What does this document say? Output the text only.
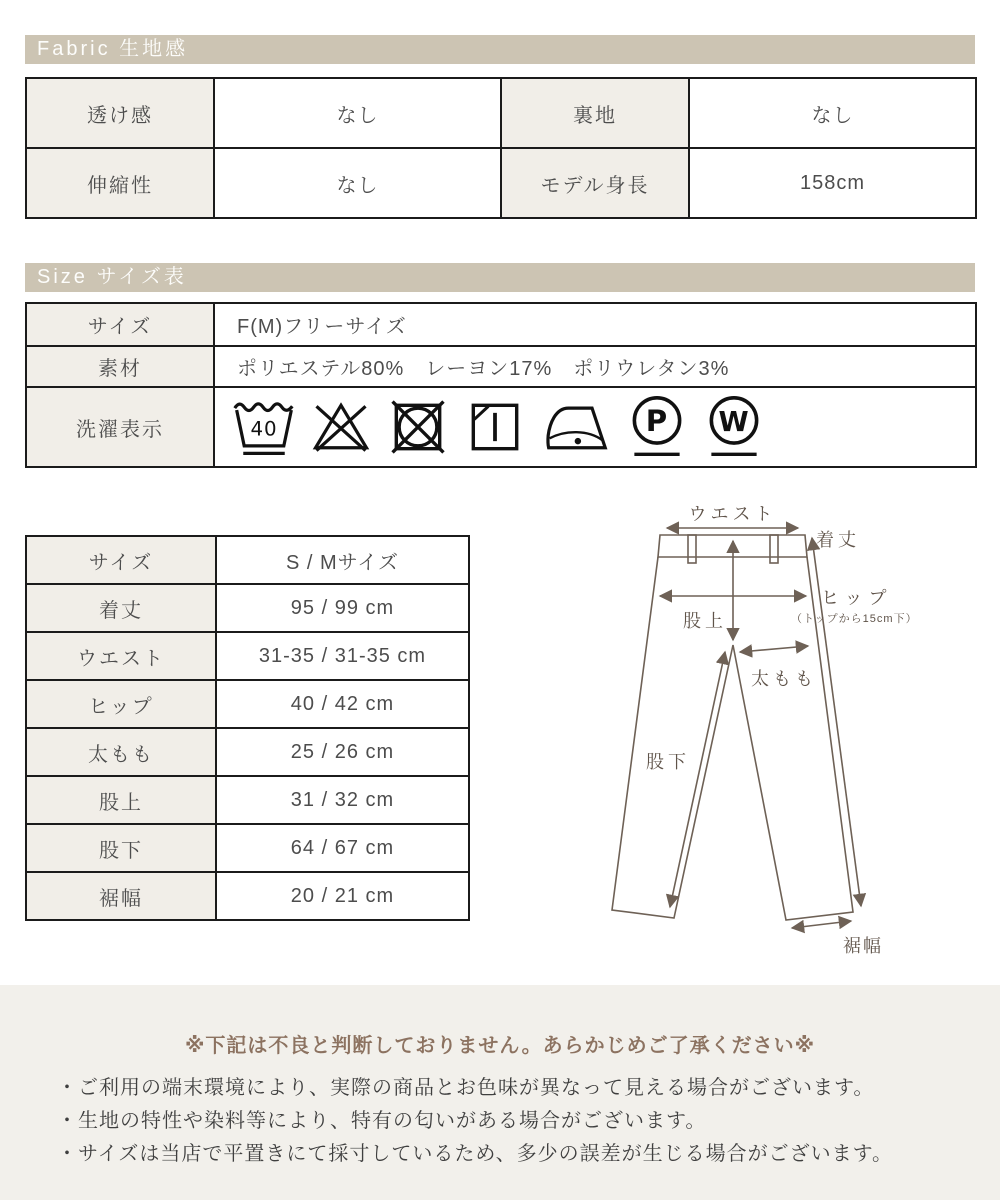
Fabric 生地感
透け感	なし	裏地	なし
伸縮性	なし	モデル身長	158cm
Size サイズ表
サイズ	F(M)フリーサイズ
素材	ポリエステル80%　レーヨン17%　ポリウレタン3%
洗濯表示	40 P W
サイズ	S / Mサイズ
着丈	95 / 99 cm
ウエスト	31-35 / 31-35 cm
ヒップ	40 / 42 cm
太もも	25 / 26 cm
股上	31 / 32 cm
股下	64 / 67 cm
裾幅	20 / 21 cm
ウエスト
着丈
ヒップ
（トップから15cm下）
股上
太もも
股下
裾幅
※下記は不良と判断しておりません。あらかじめご了承ください※
・ご利用の端末環境により、実際の商品とお色味が異なって見える場合がございます。
・生地の特性や染料等により、特有の匂いがある場合がございます。
・サイズは当店で平置きにて採寸しているため、多少の誤差が生じる場合がございます。
